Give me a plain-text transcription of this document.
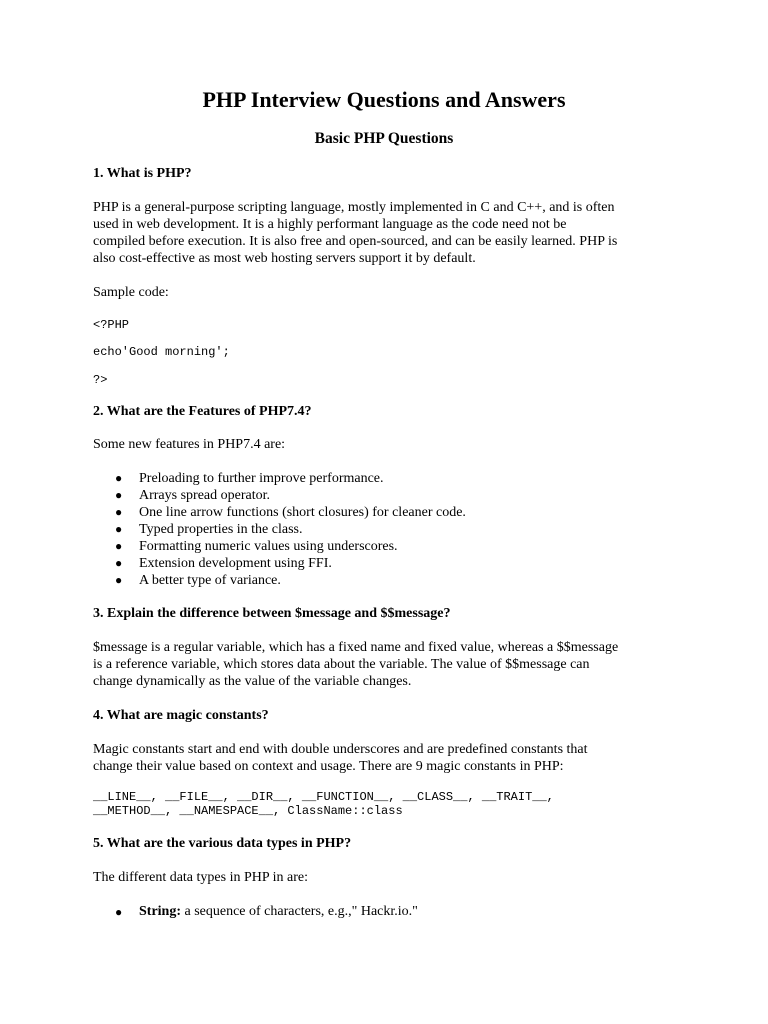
PHP Interview Questions and Answers
Basic PHP Questions
1. What is PHP?
PHP is a general-purpose scripting language, mostly implemented in C and C++, and is often
used in web development. It is a highly performant language as the code need not be
compiled before execution. It is also free and open-sourced, and can be easily learned. PHP is
also cost-effective as most web hosting servers support it by default.
Sample code:
<?PHP
echo'Good morning';
?>
2. What are the Features of PHP7.4?
Some new features in PHP7.4 are:
● Preloading to further improve performance.
● Arrays spread operator.
● One line arrow functions (short closures) for cleaner code.
● Typed properties in the class.
● Formatting numeric values using underscores.
● Extension development using FFI.
● A better type of variance.
3. Explain the difference between $message and $$message?
$message is a regular variable, which has a fixed name and fixed value, whereas a $$message
is a reference variable, which stores data about the variable. The value of $$message can
change dynamically as the value of the variable changes.
4. What are magic constants?
Magic constants start and end with double underscores and are predefined constants that
change their value based on context and usage. There are 9 magic constants in PHP:
__LINE__, __FILE__, __DIR__, __FUNCTION__, __CLASS__, __TRAIT__,
__METHOD__, __NAMESPACE__, ClassName::class
5. What are the various data types in PHP?
The different data types in PHP in are:
● String: a sequence of characters, e.g.," Hackr.io."
